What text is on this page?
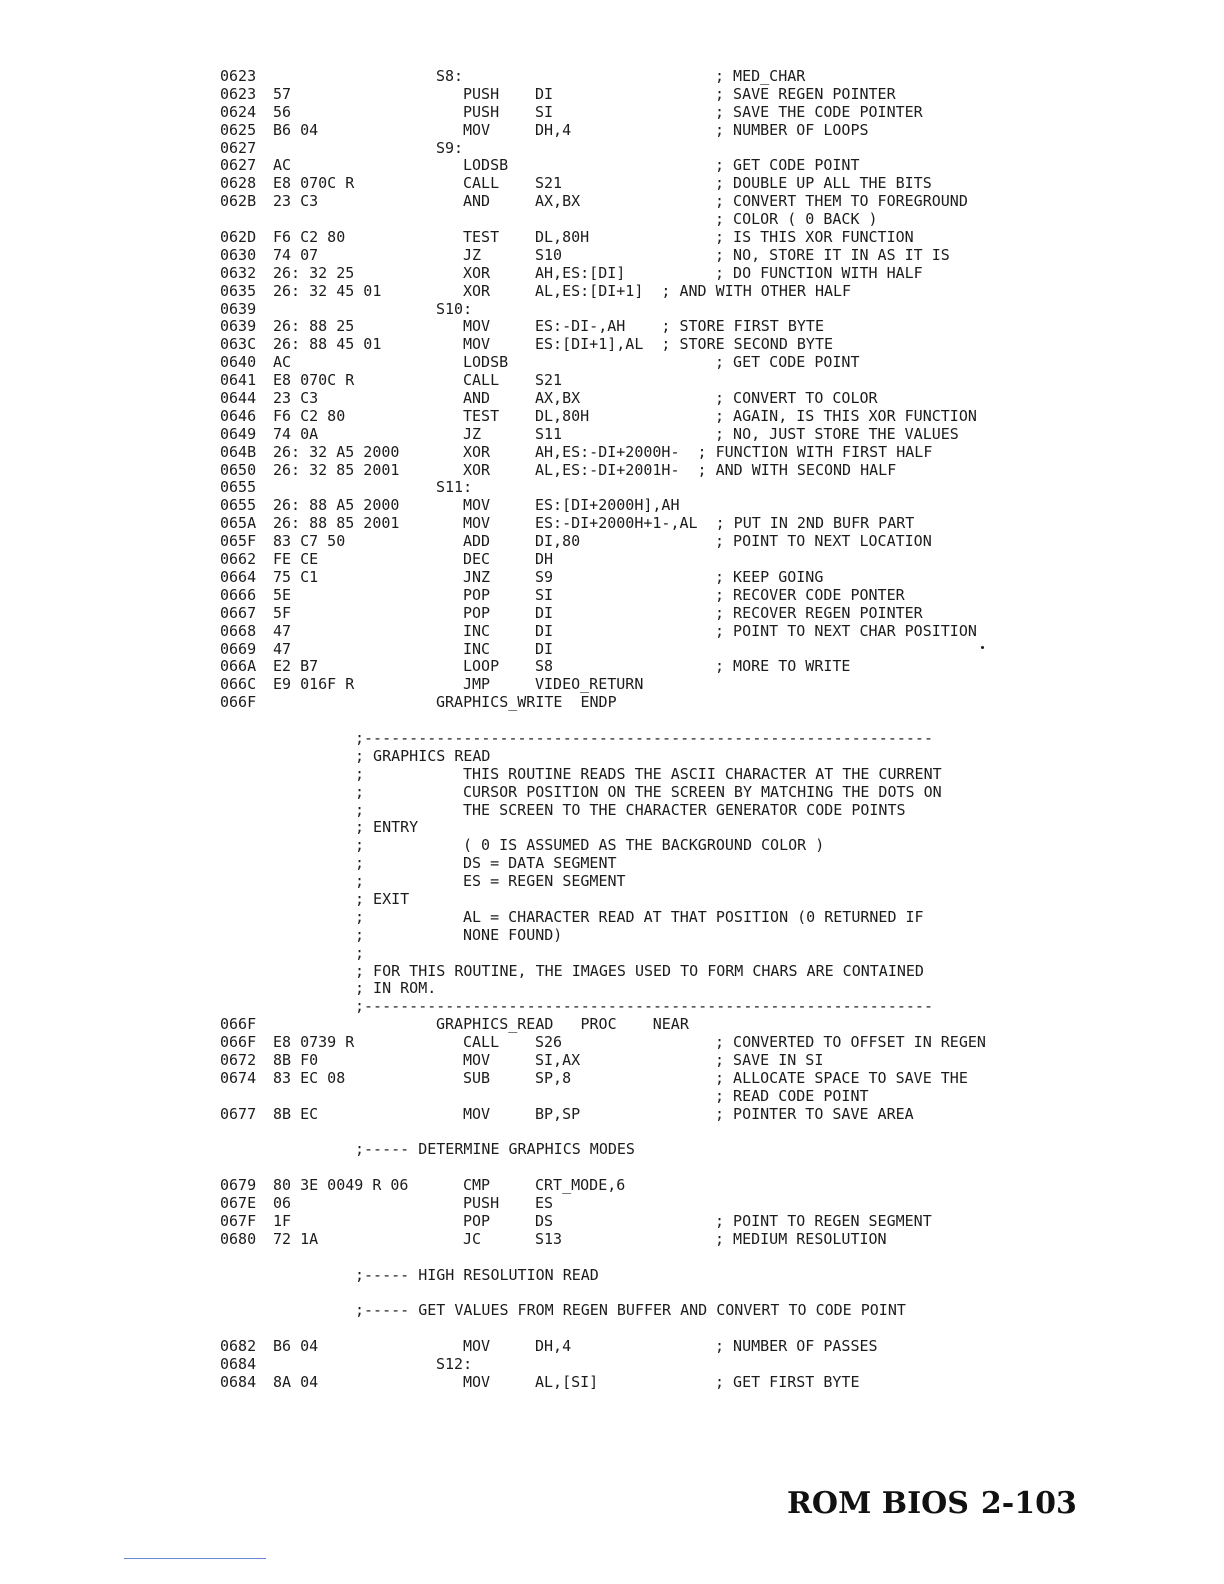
0623	S8:	; MED_CHAR
0623 57	PUSH DI	; SAVE REGEN POINTER
0624 56	PUSH SI	; SAVE THE CODE POINTER
0625 B6 04	MOV	DH,4	; NUMBER OF LOOPS
0627	S9:
0627 AC	LODSB	; GET CODE POINT
0628 E8 070C R	CALL S21	; DOUBLE UP ALL THE BITS
062B 23 C3	AND	AX,BX	; CONVERT THEM TO FOREGROUND
; COLOR ( 0 BACK )
062D F6 C2 80	TEST DL,80H	; IS THIS XOR FUNCTION
0630 74 07	JZ	S10	; NO, STORE IT IN AS IT IS
0632 26: 32 25	XOR	AH,ES:[DI]	; DO FUNCTION WITH HALF
0635 26: 32 45 01	XOR	AL,ES:[DI+1]  ; AND WITH OTHER HALF
0639	S10:
0639 26: 88 25	MOV	ES:-DI-,AH    ; STORE FIRST BYTE
063C 26: 88 45 01	MOV	ES:[DI+1],AL  ; STORE SECOND BYTE
0640 AC	LODSB	; GET CODE POINT
0641 E8 070C R	CALL S21
0644 23 C3	AND	AX,BX	; CONVERT TO COLOR
0646 F6 C2 80	TEST DL,80H	; AGAIN, IS THIS XOR FUNCTION
0649 74 0A	JZ	S11	; NO, JUST STORE THE VALUES
064B 26: 32 A5 2000	XOR	AH,ES:-DI+2000H-  ; FUNCTION WITH FIRST HALF
0650 26: 32 85 2001	XOR	AL,ES:-DI+2001H-  ; AND WITH SECOND HALF
0655	S11:
0655 26: 88 A5 2000	MOV	ES:[DI+2000H],AH
065A 26: 88 85 2001	MOV	ES:-DI+2000H+1-,AL  ; PUT IN 2ND BUFR PART
065F 83 C7 50	ADD	DI,80	; POINT TO NEXT LOCATION
0662 FE CE	DEC	DH
0664 75 C1	JNZ	S9	; KEEP GOING
0666 5E	POP	SI	; RECOVER CODE PONTER
0667 5F	POP	DI	; RECOVER REGEN POINTER
0668 47	INC	DI	; POINT TO NEXT CHAR POSITION
0669 47	INC	DI
066A E2 B7	LOOP S8	; MORE TO WRITE
066C E9 016F R	JMP	VIDEO_RETURN
066F	GRAPHICS_WRITE  ENDP
;---------------------------------------------------------------
; GRAPHICS READ
;	THIS ROUTINE READS THE ASCII CHARACTER AT THE CURRENT
;	CURSOR POSITION ON THE SCREEN BY MATCHING THE DOTS ON
;	THE SCREEN TO THE CHARACTER GENERATOR CODE POINTS
; ENTRY
;	( 0 IS ASSUMED AS THE BACKGROUND COLOR )
;	DS = DATA SEGMENT
;	ES = REGEN SEGMENT
; EXIT
;	AL = CHARACTER READ AT THAT POSITION (0 RETURNED IF
;	NONE FOUND)
;
; FOR THIS ROUTINE, THE IMAGES USED TO FORM CHARS ARE CONTAINED
; IN ROM.
;---------------------------------------------------------------
066F	GRAPHICS_READ   PROC    NEAR
066F E8 0739 R	CALL S26	; CONVERTED TO OFFSET IN REGEN
0672 8B F0	MOV	SI,AX	; SAVE IN SI
0674 83 EC 08	SUB	SP,8	; ALLOCATE SPACE TO SAVE THE
; READ CODE POINT
0677 8B EC	MOV	BP,SP	; POINTER TO SAVE AREA
;----- DETERMINE GRAPHICS MODES
0679 80 3E 0049 R 06	CMP	CRT_MODE,6
067E 06	PUSH ES
067F 1F	POP	DS	; POINT TO REGEN SEGMENT
0680 72 1A	JC	S13	; MEDIUM RESOLUTION
;----- HIGH RESOLUTION READ
;----- GET VALUES FROM REGEN BUFFER AND CONVERT TO CODE POINT
0682 B6 04	MOV	DH,4	; NUMBER OF PASSES
0684	S12:
0684 8A 04	MOV	AL,[SI]	; GET FIRST BYTE
ROM BIOS 2-103
